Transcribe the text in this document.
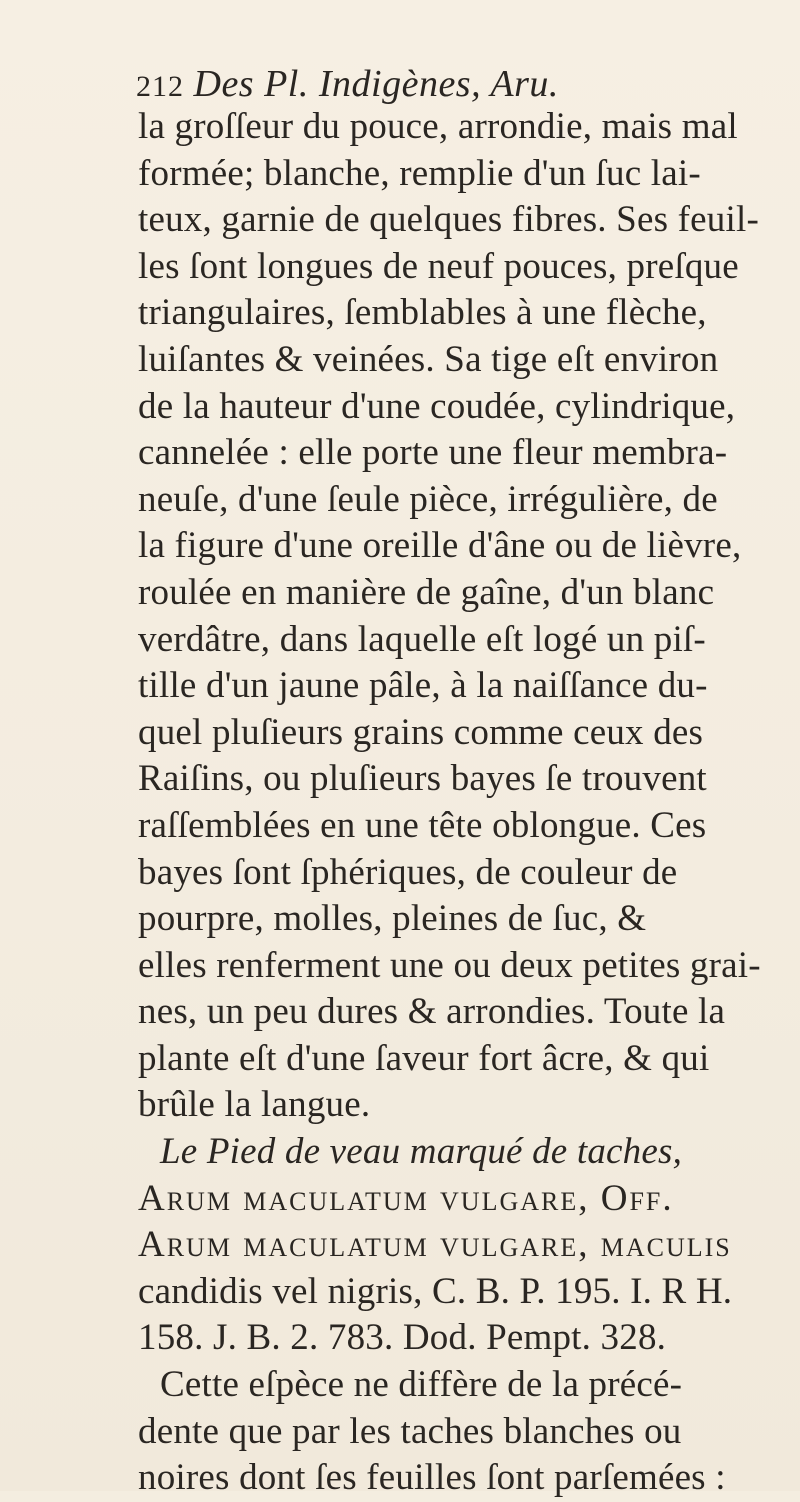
212 Des Pl. Indigènes, Aru.
la groſſeur du pouce, arrondie, mais mal
formée; blanche, remplie d'un ſuc lai-
teux, garnie de quelques fibres. Ses feuil-
les ſont longues de neuf pouces, preſque
triangulaires, ſemblables à une flèche,
luiſantes & veinées. Sa tige eſt environ
de la hauteur d'une coudée, cylindrique,
cannelée : elle porte une fleur membra-
neuſe, d'une ſeule pièce, irrégulière, de
la figure d'une oreille d'âne ou de lièvre,
roulée en manière de gaîne, d'un blanc
verdâtre, dans laquelle eſt logé un piſ-
tille d'un jaune pâle, à la naiſſance du-
quel pluſieurs grains comme ceux des
Raiſins, ou pluſieurs bayes ſe trouvent
raſſemblées en une tête oblongue. Ces
bayes ſont ſphériques, de couleur de
pourpre, molles, pleines de ſuc, &
elles renferment une ou deux petites grai-
nes, un peu dures & arrondies. Toute la
plante eſt d'une ſaveur fort âcre, & qui
brûle la langue.
Le Pied de veau marqué de taches,
Arum maculatum vulgare, Off.
Arum maculatum vulgare, maculis
candidis vel nigris, C. B. P. 195. I. R H.
158. J. B. 2. 783. Dod. Pempt. 328.
Cette eſpèce ne diffère de la précé-
dente que par les taches blanches ou
noires dont ſes feuilles ſont parſemées :
